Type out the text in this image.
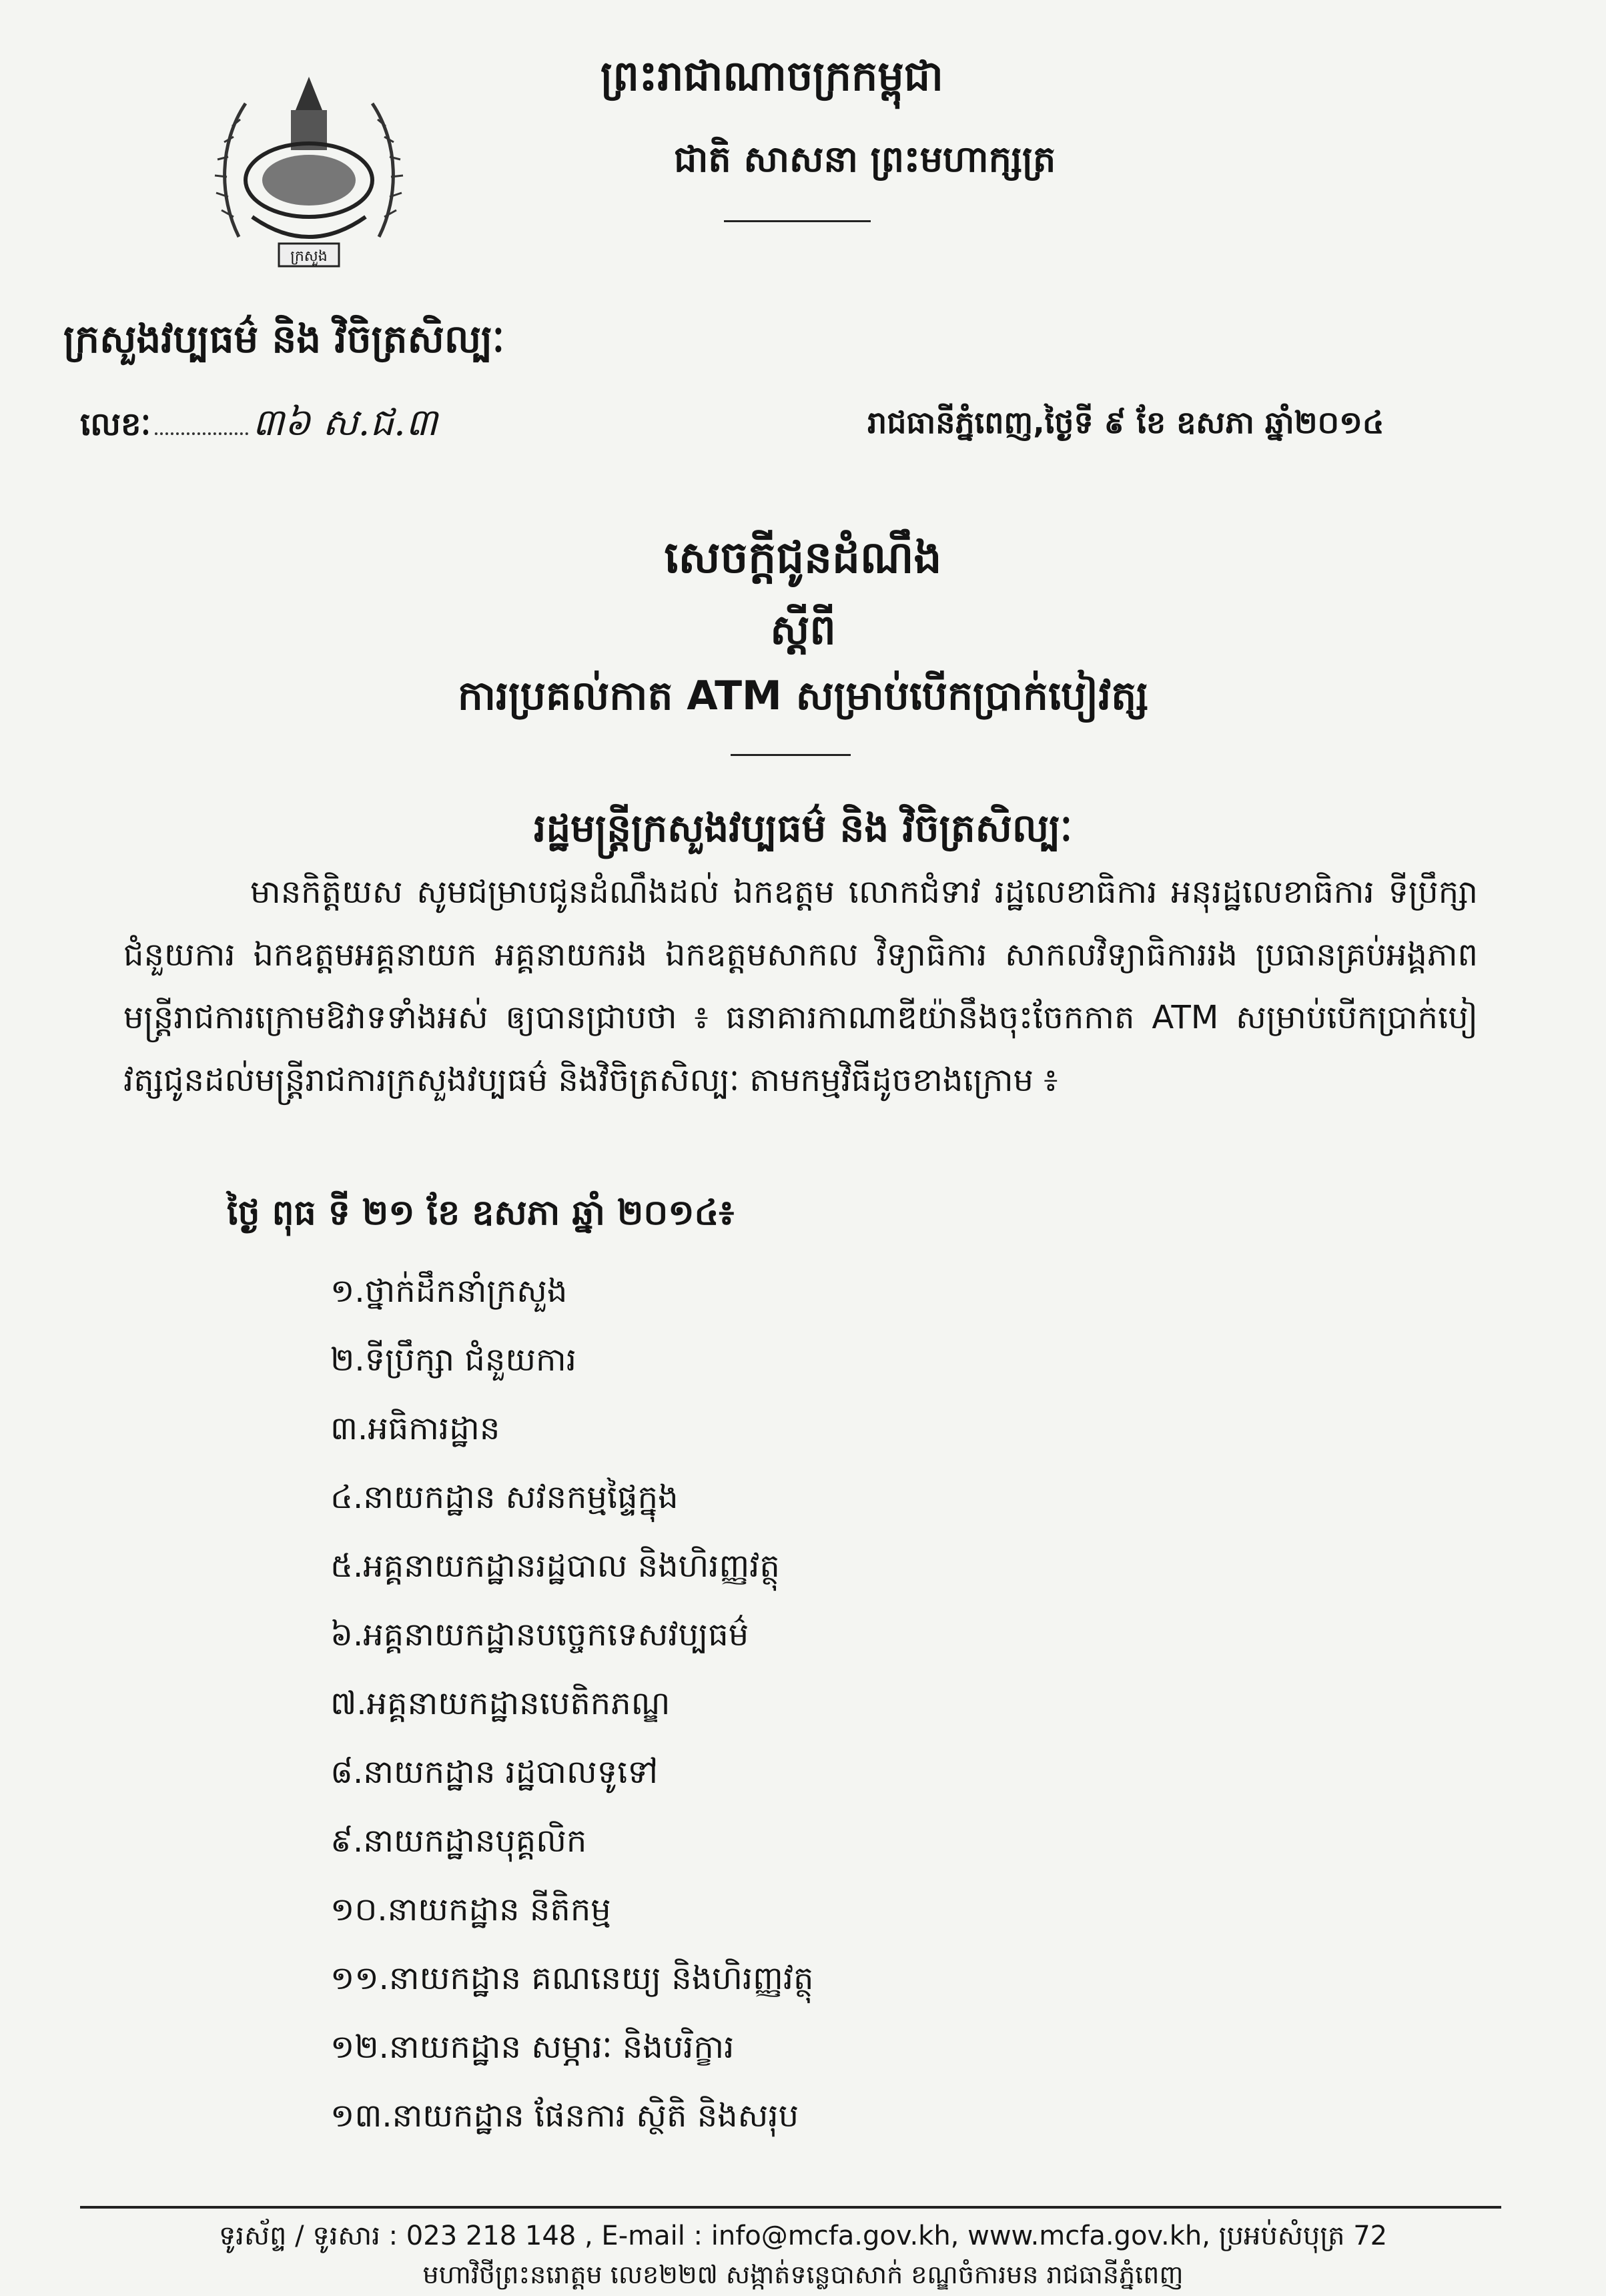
ក្រសួង
ព្រះរាជាណាចក្រកម្ពុជា
ជាតិ សាសនា ព្រះមហាក្សត្រ
ក្រសួងវប្បធម៌ និង វិចិត្រសិល្បៈ
លេខៈ	៣៦ ស.ជ.៣	រាជធានីភ្នំពេញ,ថ្ងៃទី ៩ ខែ ឧសភា ឆ្នាំ២០១៤
សេចក្តីជូនដំណឹង
ស្តីពី
ការប្រគល់កាត ATM សម្រាប់បើកប្រាក់បៀវត្ស
រដ្ឋមន្ត្រីក្រសួងវប្បធម៌ និង វិចិត្រសិល្បៈ
មានកិត្តិយស សូមជម្រាបជូនដំណឹងដល់ ឯកឧត្តម លោកជំទាវ រដ្ឋលេខាធិការ អនុរដ្ឋលេខាធិការ ទីប្រឹក្សា ជំនួយការ ឯកឧត្តមអគ្គនាយក អគ្គនាយករង ឯកឧត្តមសាកល វិទ្យាធិការ សាកលវិទ្យាធិការរង ប្រធានគ្រប់អង្គភាព មន្ត្រីរាជការក្រោមឱវាទទាំងអស់ ឲ្យបានជ្រាបថា ៖ ធនាគារកាណាឌីយ៉ានឹងចុះចែកកាត ATM សម្រាប់បើកប្រាក់បៀវត្សជូនដល់មន្ត្រីរាជការក្រសួងវប្បធម៌ និងវិចិត្រសិល្បៈ តាមកម្មវិធីដូចខាងក្រោម ៖
ថ្ងៃ ពុធ ទី ២១ ខែ ឧសភា ឆ្នាំ ២០១៤៖
១.ថ្នាក់ដឹកនាំក្រសួង
២.ទីប្រឹក្សា ជំនួយការ
៣.អធិការដ្ឋាន
៤.នាយកដ្ឋាន សវនកម្មផ្ទៃក្នុង
៥.អគ្គនាយកដ្ឋានរដ្ឋបាល និងហិរញ្ញវត្ថុ
៦.អគ្គនាយកដ្ឋានបច្ចេកទេសវប្បធម៌
៧.អគ្គនាយកដ្ឋានបេតិកភណ្ឌ
៨.នាយកដ្ឋាន រដ្ឋបាលទូទៅ
៩.នាយកដ្ឋានបុគ្គលិក
១០.នាយកដ្ឋាន នីតិកម្ម
១១.នាយកដ្ឋាន គណនេយ្យ និងហិរញ្ញវត្ថុ
១២.នាយកដ្ឋាន សម្ភារៈ និងបរិក្ខារ
១៣.នាយកដ្ឋាន ផែនការ ស្ថិតិ និងសរុប
ទូរស័ព្ទ / ទូរសារ : 023 218 148 , E-mail : info@mcfa.gov.kh, www.mcfa.gov.kh, ប្រអប់សំបុត្រ 72
មហាវិថីព្រះនរោត្តម លេខ២២៧ សង្កាត់ទន្លេបាសាក់ ខណ្ឌចំការមន រាជធានីភ្នំពេញ
